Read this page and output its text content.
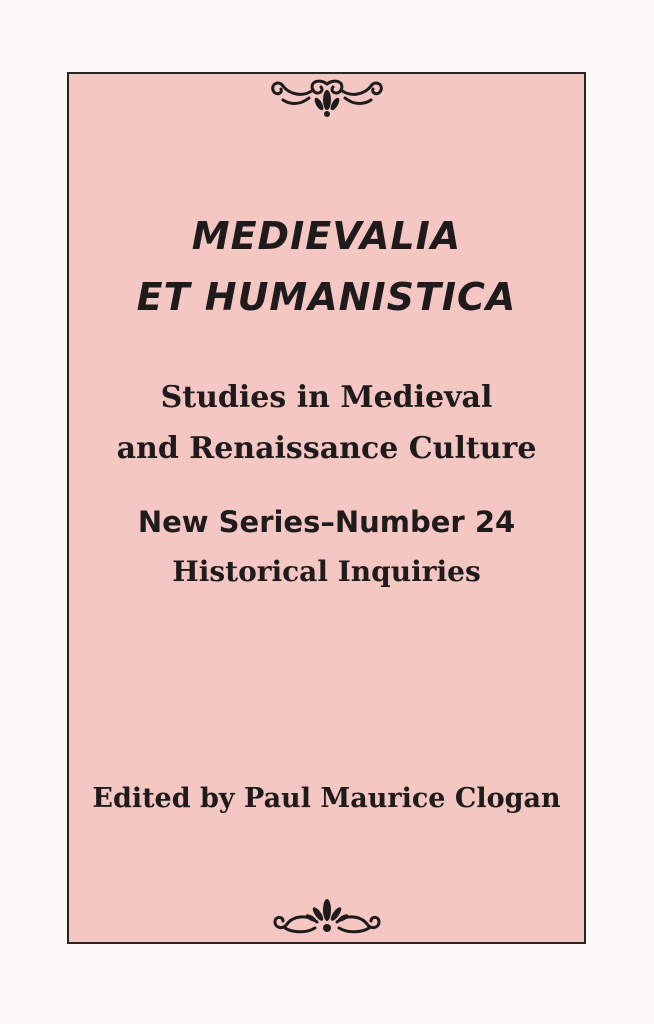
MEDIEVALIA
ET HUMANISTICA
Studies in Medieval
and Renaissance Culture
New Series–Number 24
Historical Inquiries
Edited by Paul Maurice Clogan
